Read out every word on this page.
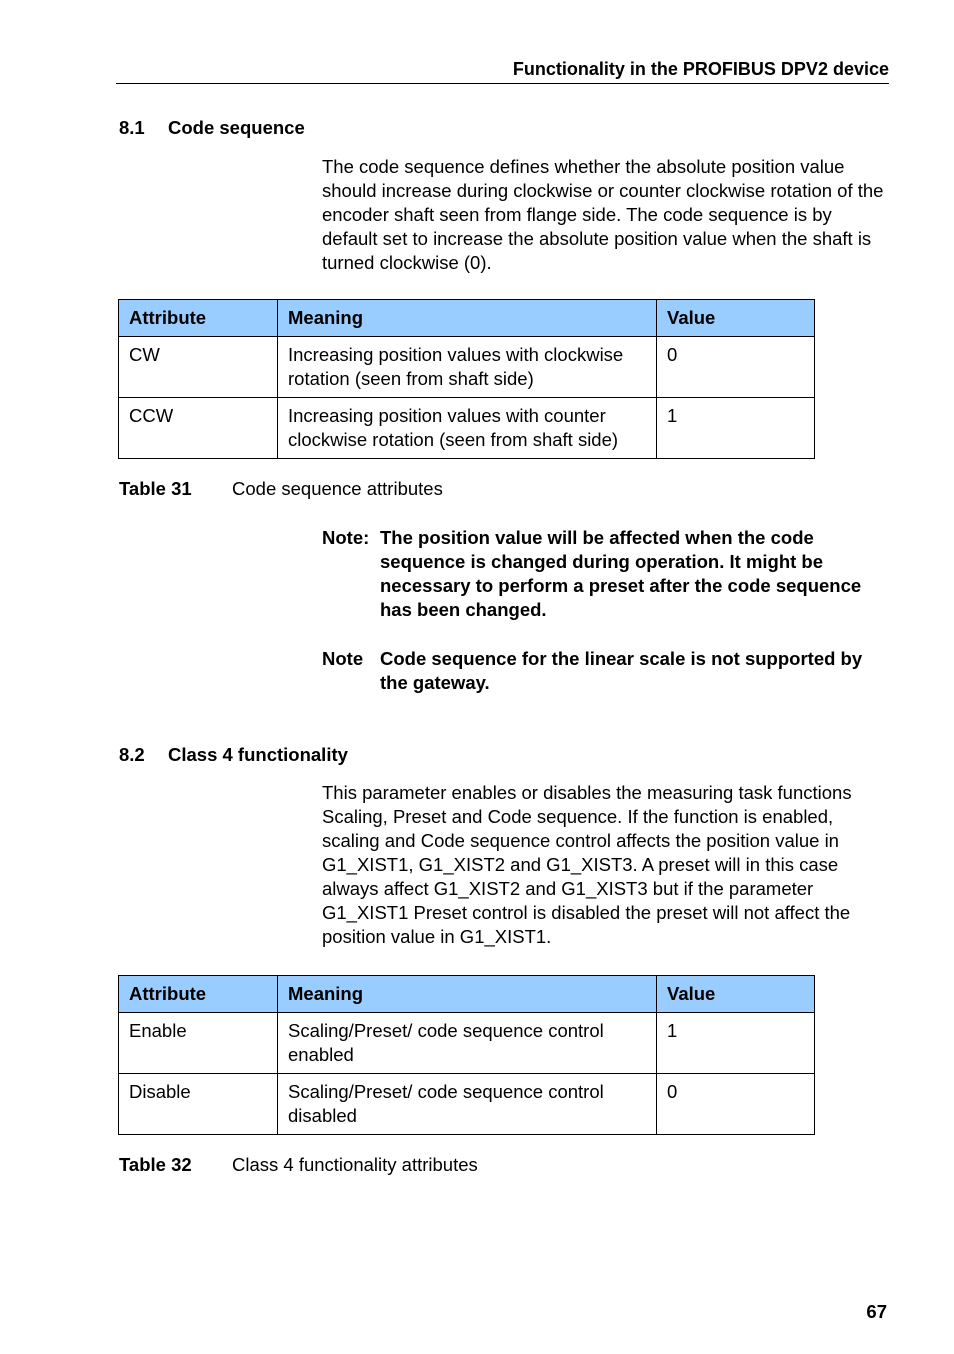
Functionality in the PROFIBUS DPV2 device
8.1 Code sequence
The code sequence defines whether the absolute position value should increase during clockwise or counter clockwise rotation of the encoder shaft seen from flange side. The code sequence is by default set to increase the absolute position value when the shaft is turned clockwise (0).
Attribute	Meaning	Value
CW	Increasing position values with clockwise rotation (seen from shaft side)	0
CCW	Increasing position values with counter clockwise rotation (seen from shaft side)	1
Table 31 Code sequence attributes
Note: The position value will be affected when the code sequence is changed during operation. It might be necessary to perform a preset after the code sequence has been changed.
Note Code sequence for the linear scale is not supported by the gateway.
8.2 Class 4 functionality
This parameter enables or disables the measuring task functions Scaling, Preset and Code sequence. If the function is enabled, scaling and Code sequence control affects the position value in G1_XIST1, G1_XIST2 and G1_XIST3. A preset will in this case always affect G1_XIST2 and G1_XIST3 but if the parameter G1_XIST1 Preset control is disabled the preset will not affect the position value in G1_XIST1.
Attribute	Meaning	Value
Enable	Scaling/Preset/ code sequence control enabled	1
Disable	Scaling/Preset/ code sequence control disabled	0
Table 32 Class 4 functionality attributes
67
